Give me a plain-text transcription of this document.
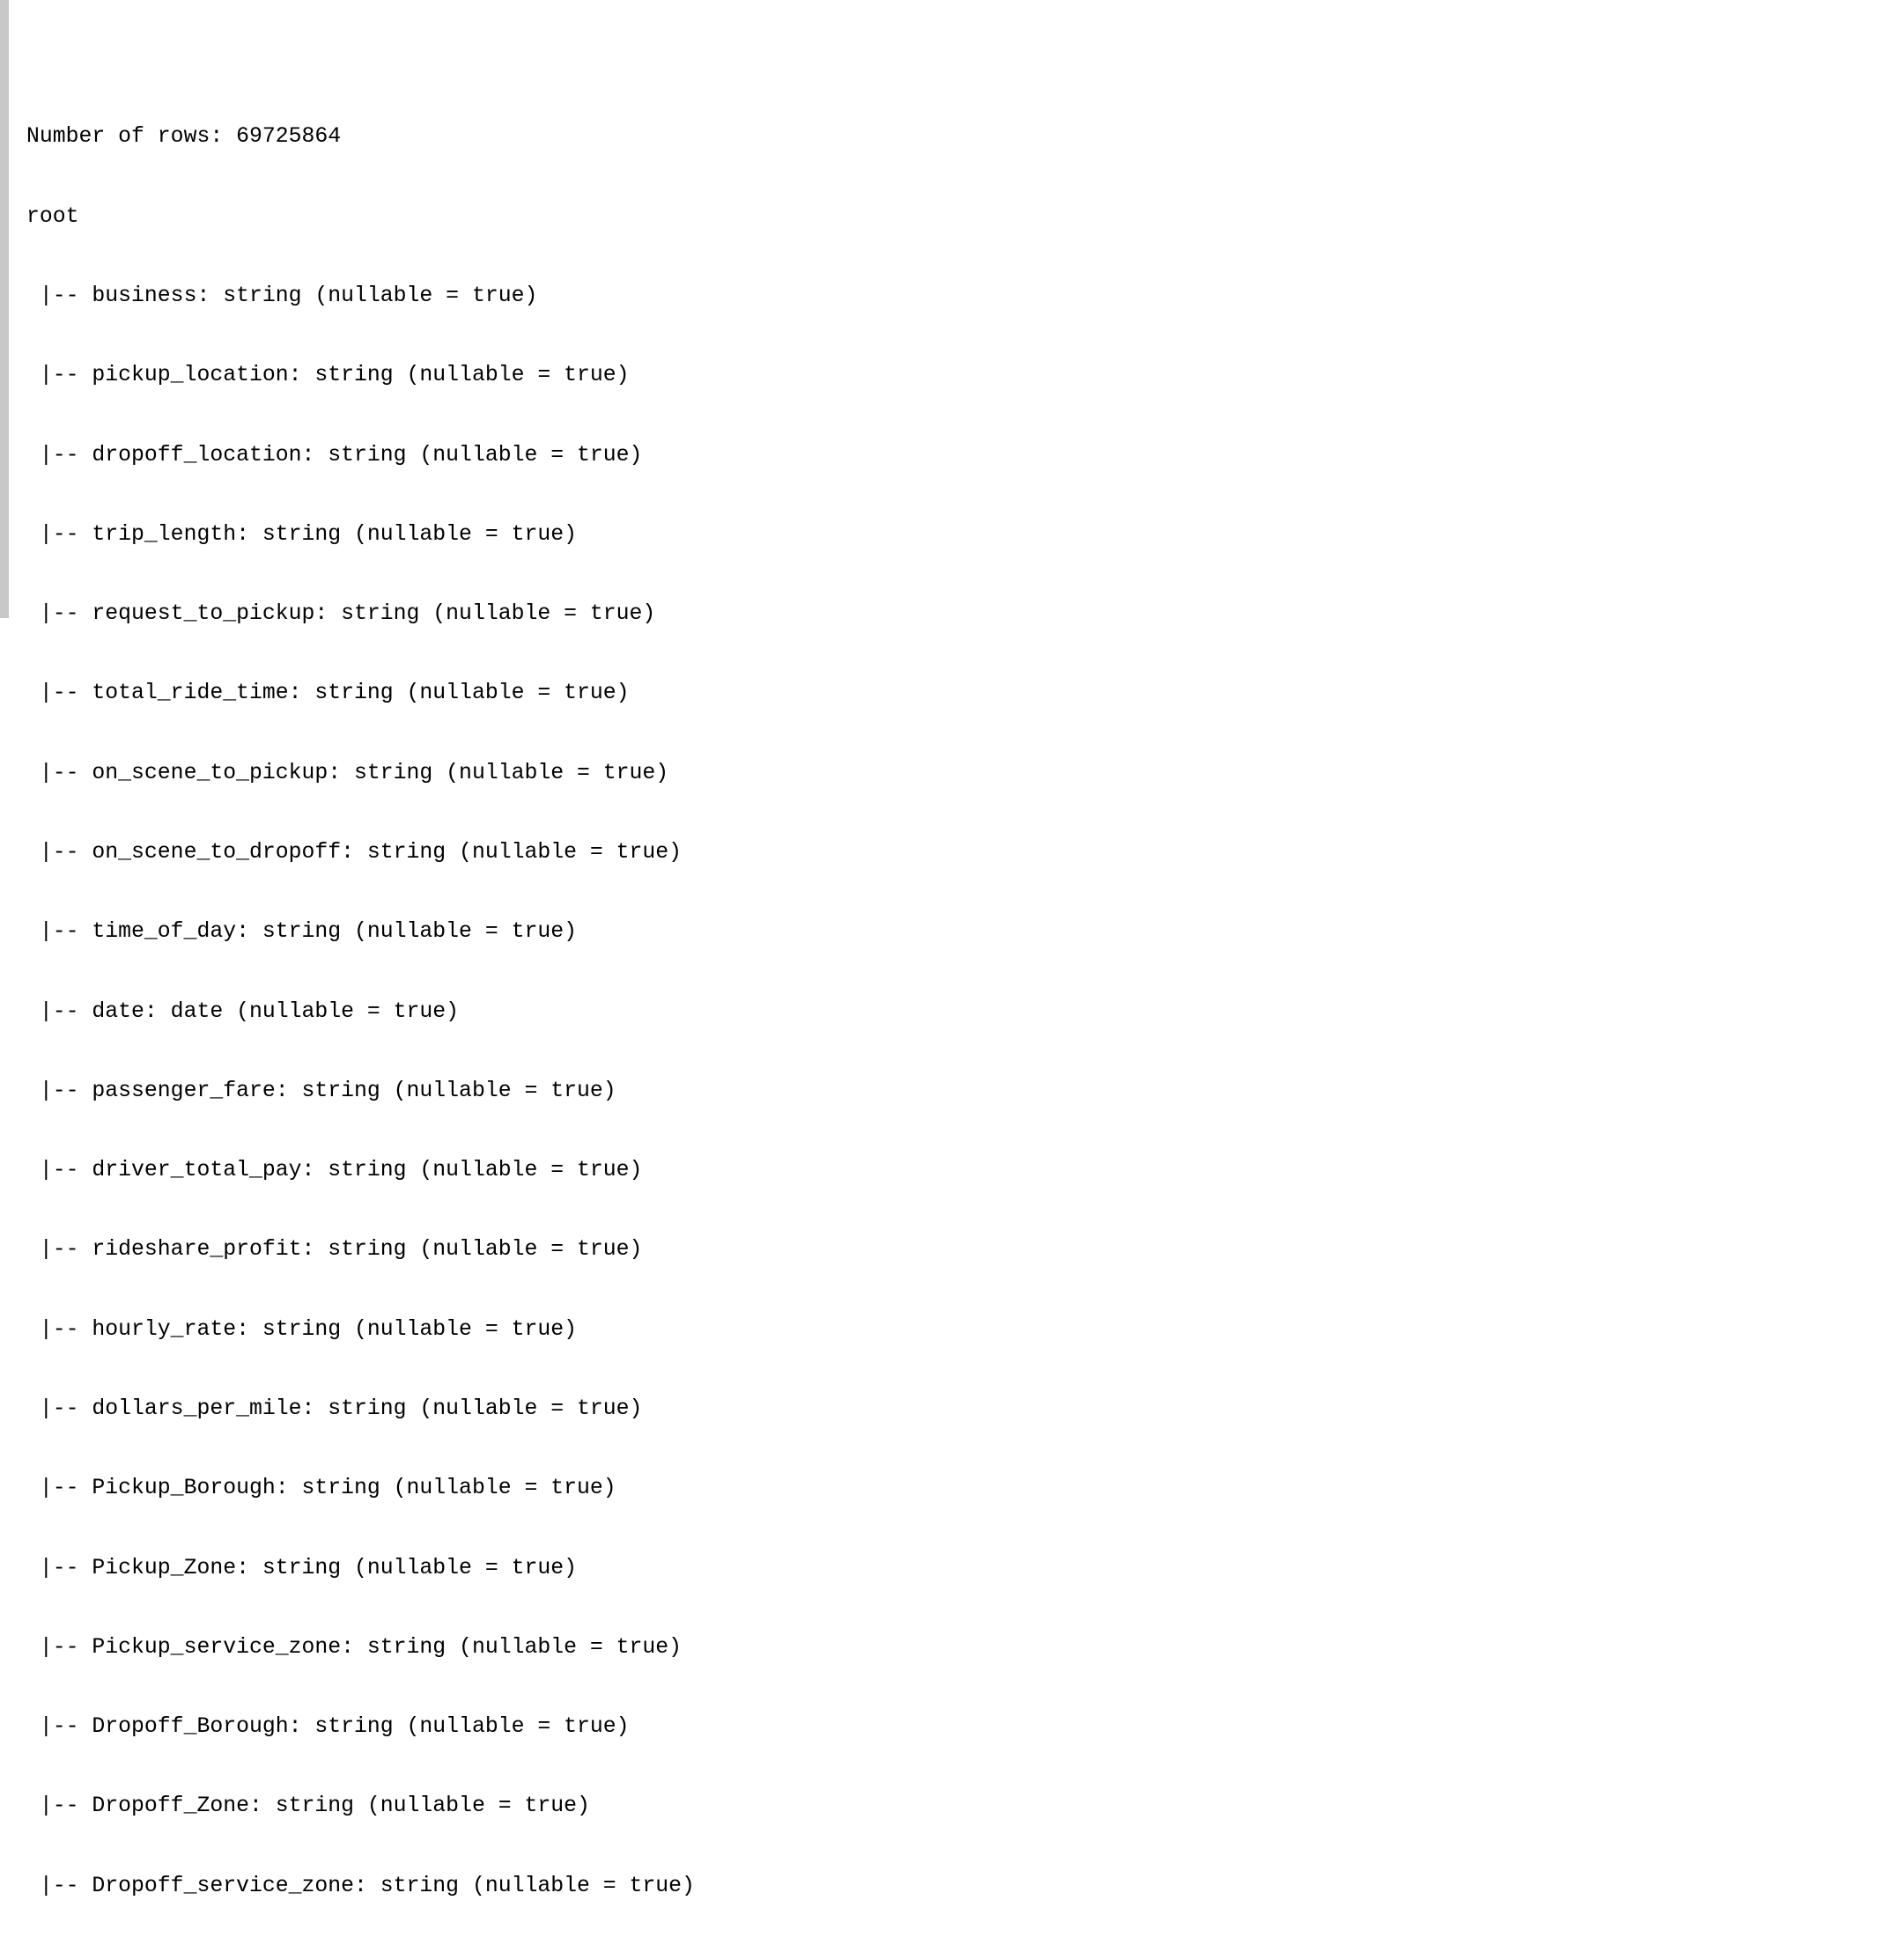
Number of rows: 69725864

root

|-- business: string (nullable = true)

|-- pickup_location: string (nullable = true)

|-- dropoff_location: string (nullable = true)

|-- trip_length: string (nullable = true)

|-- request_to_pickup: string (nullable = true)

|-- total_ride_time: string (nullable = true)

|-- on_scene_to_pickup: string (nullable = true)

|-- on_scene_to_dropoff: string (nullable = true)

|-- time_of_day: string (nullable = true)

|-- date: date (nullable = true)

|-- passenger_fare: string (nullable = true)

|-- driver_total_pay: string (nullable = true)

|-- rideshare_profit: string (nullable = true)

|-- hourly_rate: string (nullable = true)

|-- dollars_per_mile: string (nullable = true)

|-- Pickup_Borough: string (nullable = true)

|-- Pickup_Zone: string (nullable = true)

|-- Pickup_service_zone: string (nullable = true)

|-- Dropoff_Borough: string (nullable = true)

|-- Dropoff_Zone: string (nullable = true)

|-- Dropoff_service_zone: string (nullable = true)
